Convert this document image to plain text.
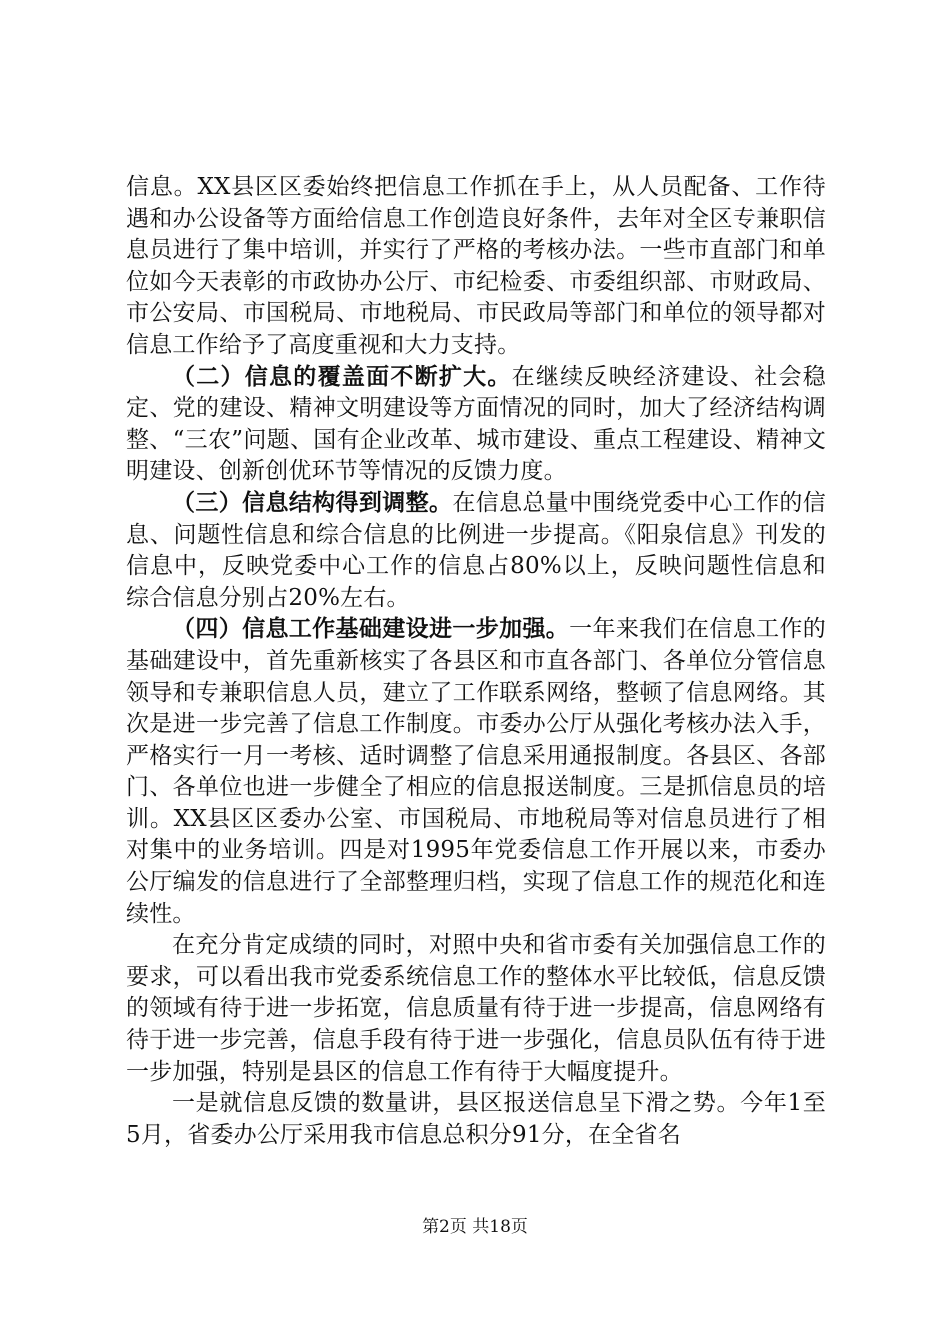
信息。XX县区区委始终把信息工作抓在手上，从人员配备、工作待遇和办公设备等方面给信息工作创造良好条件，去年对全区专兼职信息员进行了集中培训，并实行了严格的考核办法。一些市直部门和单位如今天表彰的市政协办公厅、市纪检委、市委组织部、市财政局、市公安局、市国税局、市地税局、市民政局等部门和单位的领导都对信息工作给予了高度重视和大力支持。

（二）信息的覆盖面不断扩大。在继续反映经济建设、社会稳定、党的建设、精神文明建设等方面情况的同时，加大了经济结构调整、“三农”问题、国有企业改革、城市建设、重点工程建设、精神文明建设、创新创优环节等情况的反馈力度。

（三）信息结构得到调整。在信息总量中围绕党委中心工作的信息、问题性信息和综合信息的比例进一步提高。《阳泉信息》刊发的信息中，反映党委中心工作的信息占80%以上，反映问题性信息和综合信息分别占20%左右。

（四）信息工作基础建设进一步加强。一年来我们在信息工作的基础建设中，首先重新核实了各县区和市直各部门、各单位分管信息领导和专兼职信息人员，建立了工作联系网络，整顿了信息网络。其次是进一步完善了信息工作制度。市委办公厅从强化考核办法入手，严格实行一月一考核、适时调整了信息采用通报制度。各县区、各部门、各单位也进一步健全了相应的信息报送制度。三是抓信息员的培训。XX县区区委办公室、市国税局、市地税局等对信息员进行了相对集中的业务培训。四是对1995年党委信息工作开展以来，市委办公厅编发的信息进行了全部整理归档，实现了信息工作的规范化和连续性。

在充分肯定成绩的同时，对照中央和省市委有关加强信息工作的要求，可以看出我市党委系统信息工作的整体水平比较低，信息反馈的领域有待于进一步拓宽，信息质量有待于进一步提高，信息网络有待于进一步完善，信息手段有待于进一步强化，信息员队伍有待于进一步加强，特别是县区的信息工作有待于大幅度提升。

一是就信息反馈的数量讲，县区报送信息呈下滑之势。今年1至5月，省委办公厅采用我市信息总积分91分，在全省名

第2页 共18页
